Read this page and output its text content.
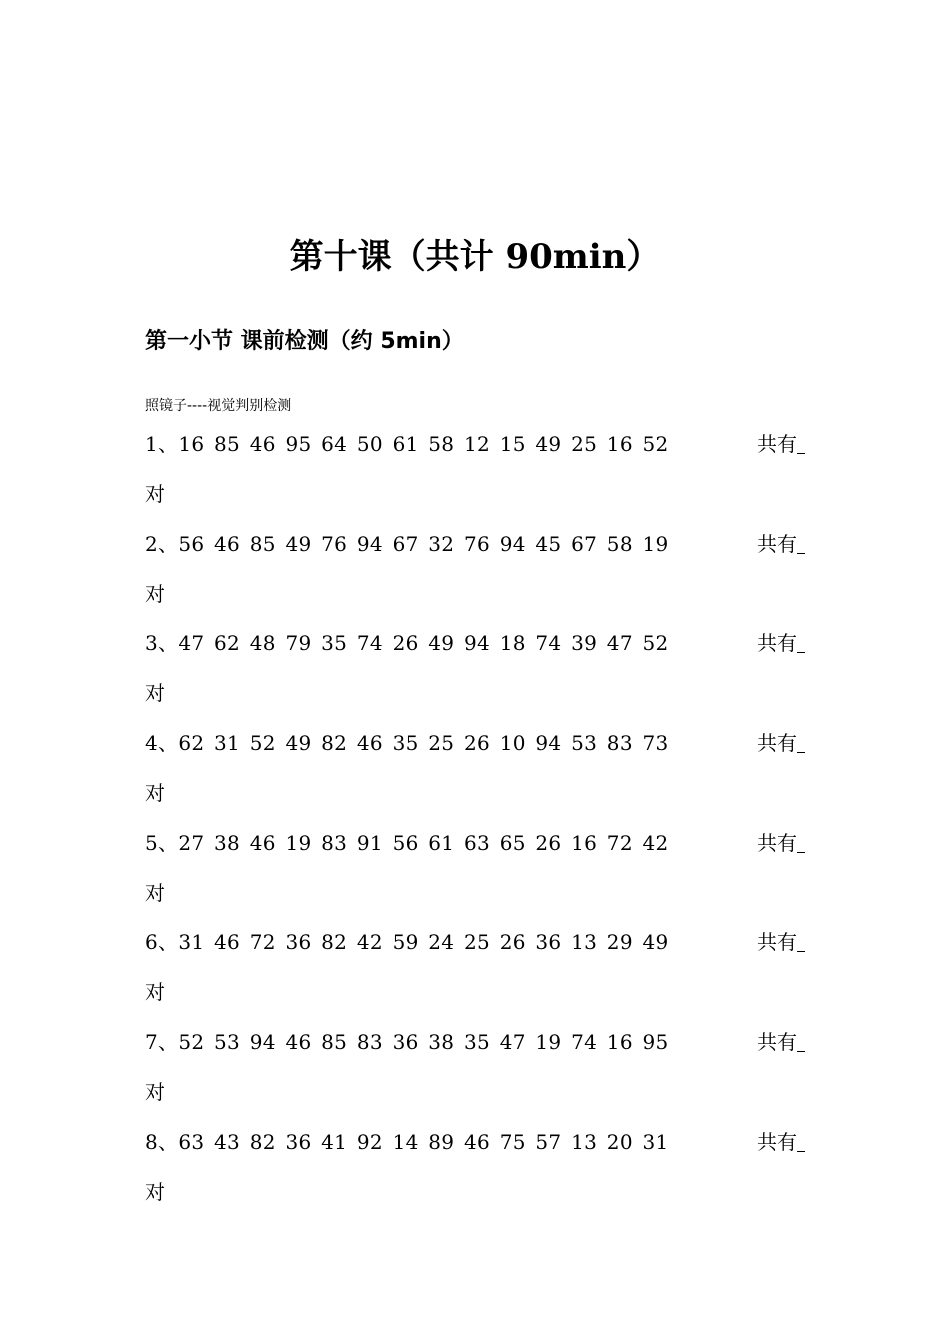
第十课（共计 90min）
第一小节 课前检测（约 5min）
照镜子----视觉判别检测
1、16 85 46 95 64 50 61 58 12 15 49 25 16 52	共有
对
2、56 46 85 49 76 94 67 32 76 94 45 67 58 19	共有
对
3、47 62 48 79 35 74 26 49 94 18 74 39 47 52	共有
对
4、62 31 52 49 82 46 35 25 26 10 94 53 83 73	共有
对
5、27 38 46 19 83 91 56 61 63 65 26 16 72 42	共有
对
6、31 46 72 36 82 42 59 24 25 26 36 13 29 49	共有
对
7、52 53 94 46 85 83 36 38 35 47 19 74 16 95	共有
对
8、63 43 82 36 41 92 14 89 46 75 57 13 20 31	共有
对
